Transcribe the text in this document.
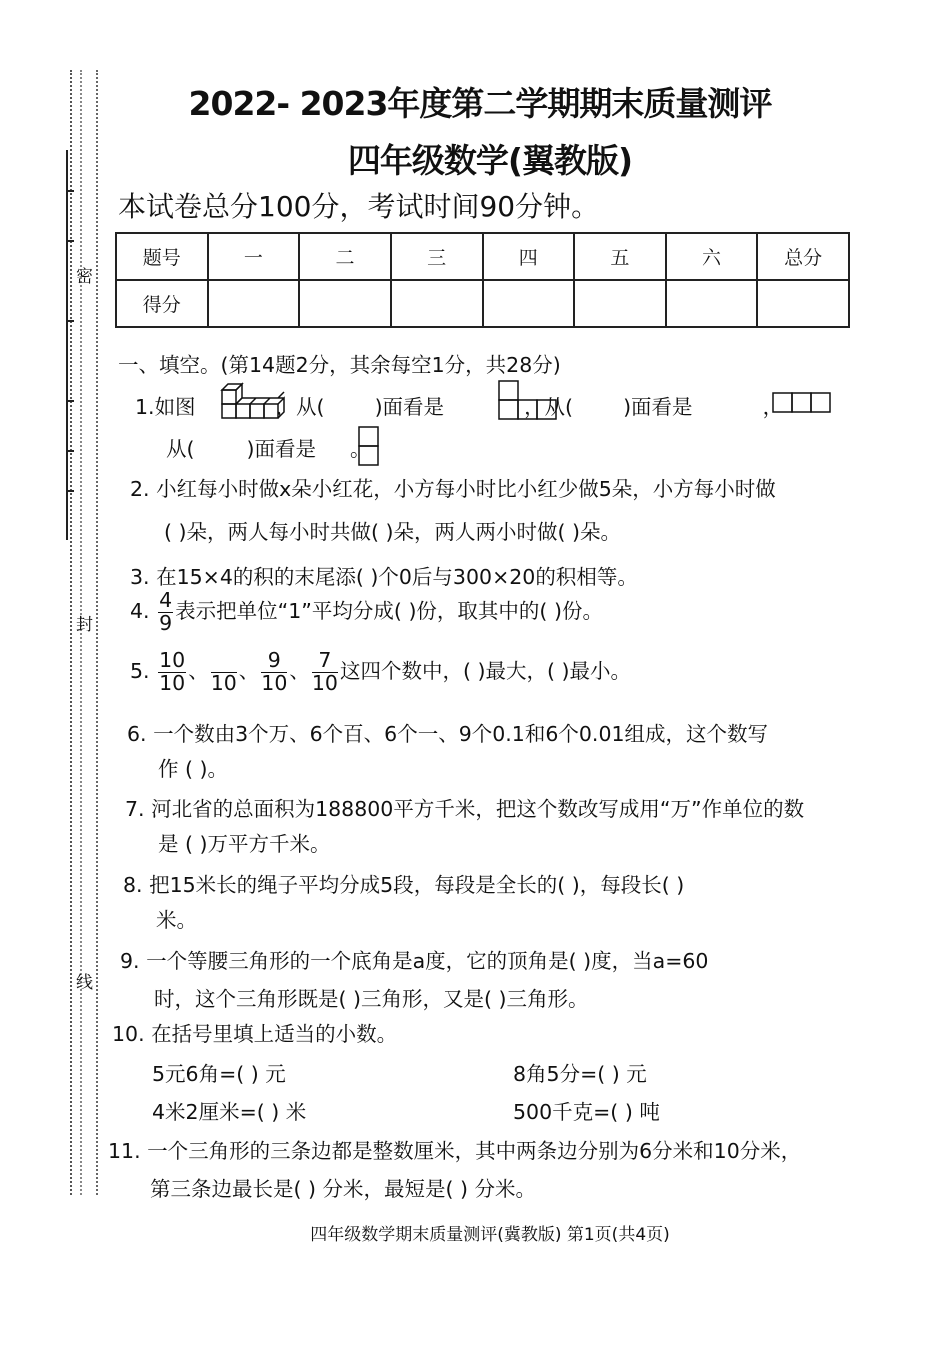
密
封
线
2022- 2023年度第二学期期末质量测评
四年级数学(翼教版)
本试卷总分100分，考试时间90分钟。
题号	一	二	三	四	五	六	总分
得分							
一、填空。(第14题2分，其余每空1分，共28分)
1.如图	，从( )面看是	，从( )面看是	，
从(	)面看是 。
2. 小红每小时做x朵小红花，小方每小时比小红少做5朵，小方每小时做
( )朵，两人每小时共做( )朵，两人两小时做( )朵。
3. 在15×4的积的末尾添( )个0后与300×20的积相等。
4. $\frac{4}{9}$ 表示把单位“1”平均分成( )份，取其中的( )份。
5. $\frac{10}{10}$ 、 10 、 $\frac{9}{10}$ 、 $\frac{7}{10}$ 这四个数中，( )最大，( )最小。
6. 一个数由3个万、6个百、6个一、9个0.1和6个0.01组成，这个数写
作 ( )。
7. 河北省的总面积为188800平方千米，把这个数改写成用“万”作单位的数
是 ( )万平方千米。
8. 把15米长的绳子平均分成5段，每段是全长的( )，每段长( )
米。
9. 一个等腰三角形的一个底角是a度，它的顶角是( )度，当a=60
时，这个三角形既是( )三角形，又是( )三角形。
10. 在括号里填上适当的小数。
5元6角=( ) 元	8角5分=( ) 元
4米2厘米=( ) 米	500千克=( ) 吨
11. 一个三角形的三条边都是整数厘米，其中两条边分别为6分米和10分米，
第三条边最长是( ) 分米，最短是( ) 分米。
四年级数学期末质量测评(冀教版) 第1页(共4页)
